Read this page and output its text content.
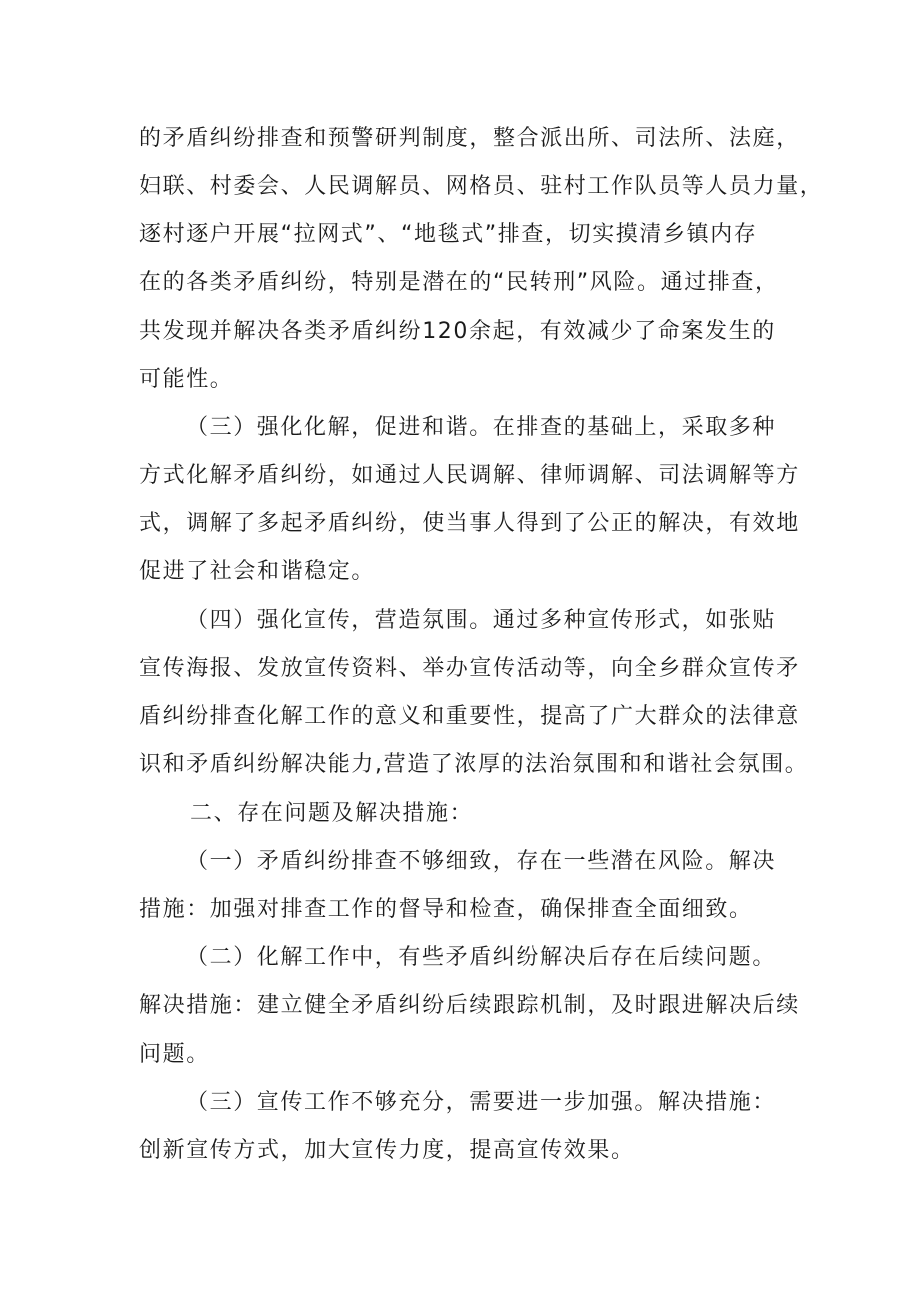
的矛盾纠纷排查和预警研判制度，整合派出所、司法所、法庭，
妇联、村委会、人民调解员、网格员、驻村工作队员等人员力量，
逐村逐户开展“拉网式”、“地毯式”排查，切实摸清乡镇内存
在的各类矛盾纠纷，特别是潜在的“民转刑”风险。通过排查，
共发现并解决各类矛盾纠纷120余起，有效减少了命案发生的
可能性。
（三）强化化解，促进和谐。在排查的基础上，采取多种
方式化解矛盾纠纷，如通过人民调解、律师调解、司法调解等方
式，调解了多起矛盾纠纷，使当事人得到了公正的解决，有效地
促进了社会和谐稳定。
（四）强化宣传，营造氛围。通过多种宣传形式，如张贴
宣传海报、发放宣传资料、举办宣传活动等，向全乡群众宣传矛
盾纠纷排查化解工作的意义和重要性，提高了广大群众的法律意
识和矛盾纠纷解决能力,营造了浓厚的法治氛围和和谐社会氛围。
二、存在问题及解决措施：
（一）矛盾纠纷排查不够细致，存在一些潜在风险。解决
措施：加强对排查工作的督导和检查，确保排查全面细致。
（二）化解工作中，有些矛盾纠纷解决后存在后续问题。
解决措施：建立健全矛盾纠纷后续跟踪机制，及时跟进解决后续
问题。
（三）宣传工作不够充分，需要进一步加强。解决措施：
创新宣传方式，加大宣传力度，提高宣传效果。
